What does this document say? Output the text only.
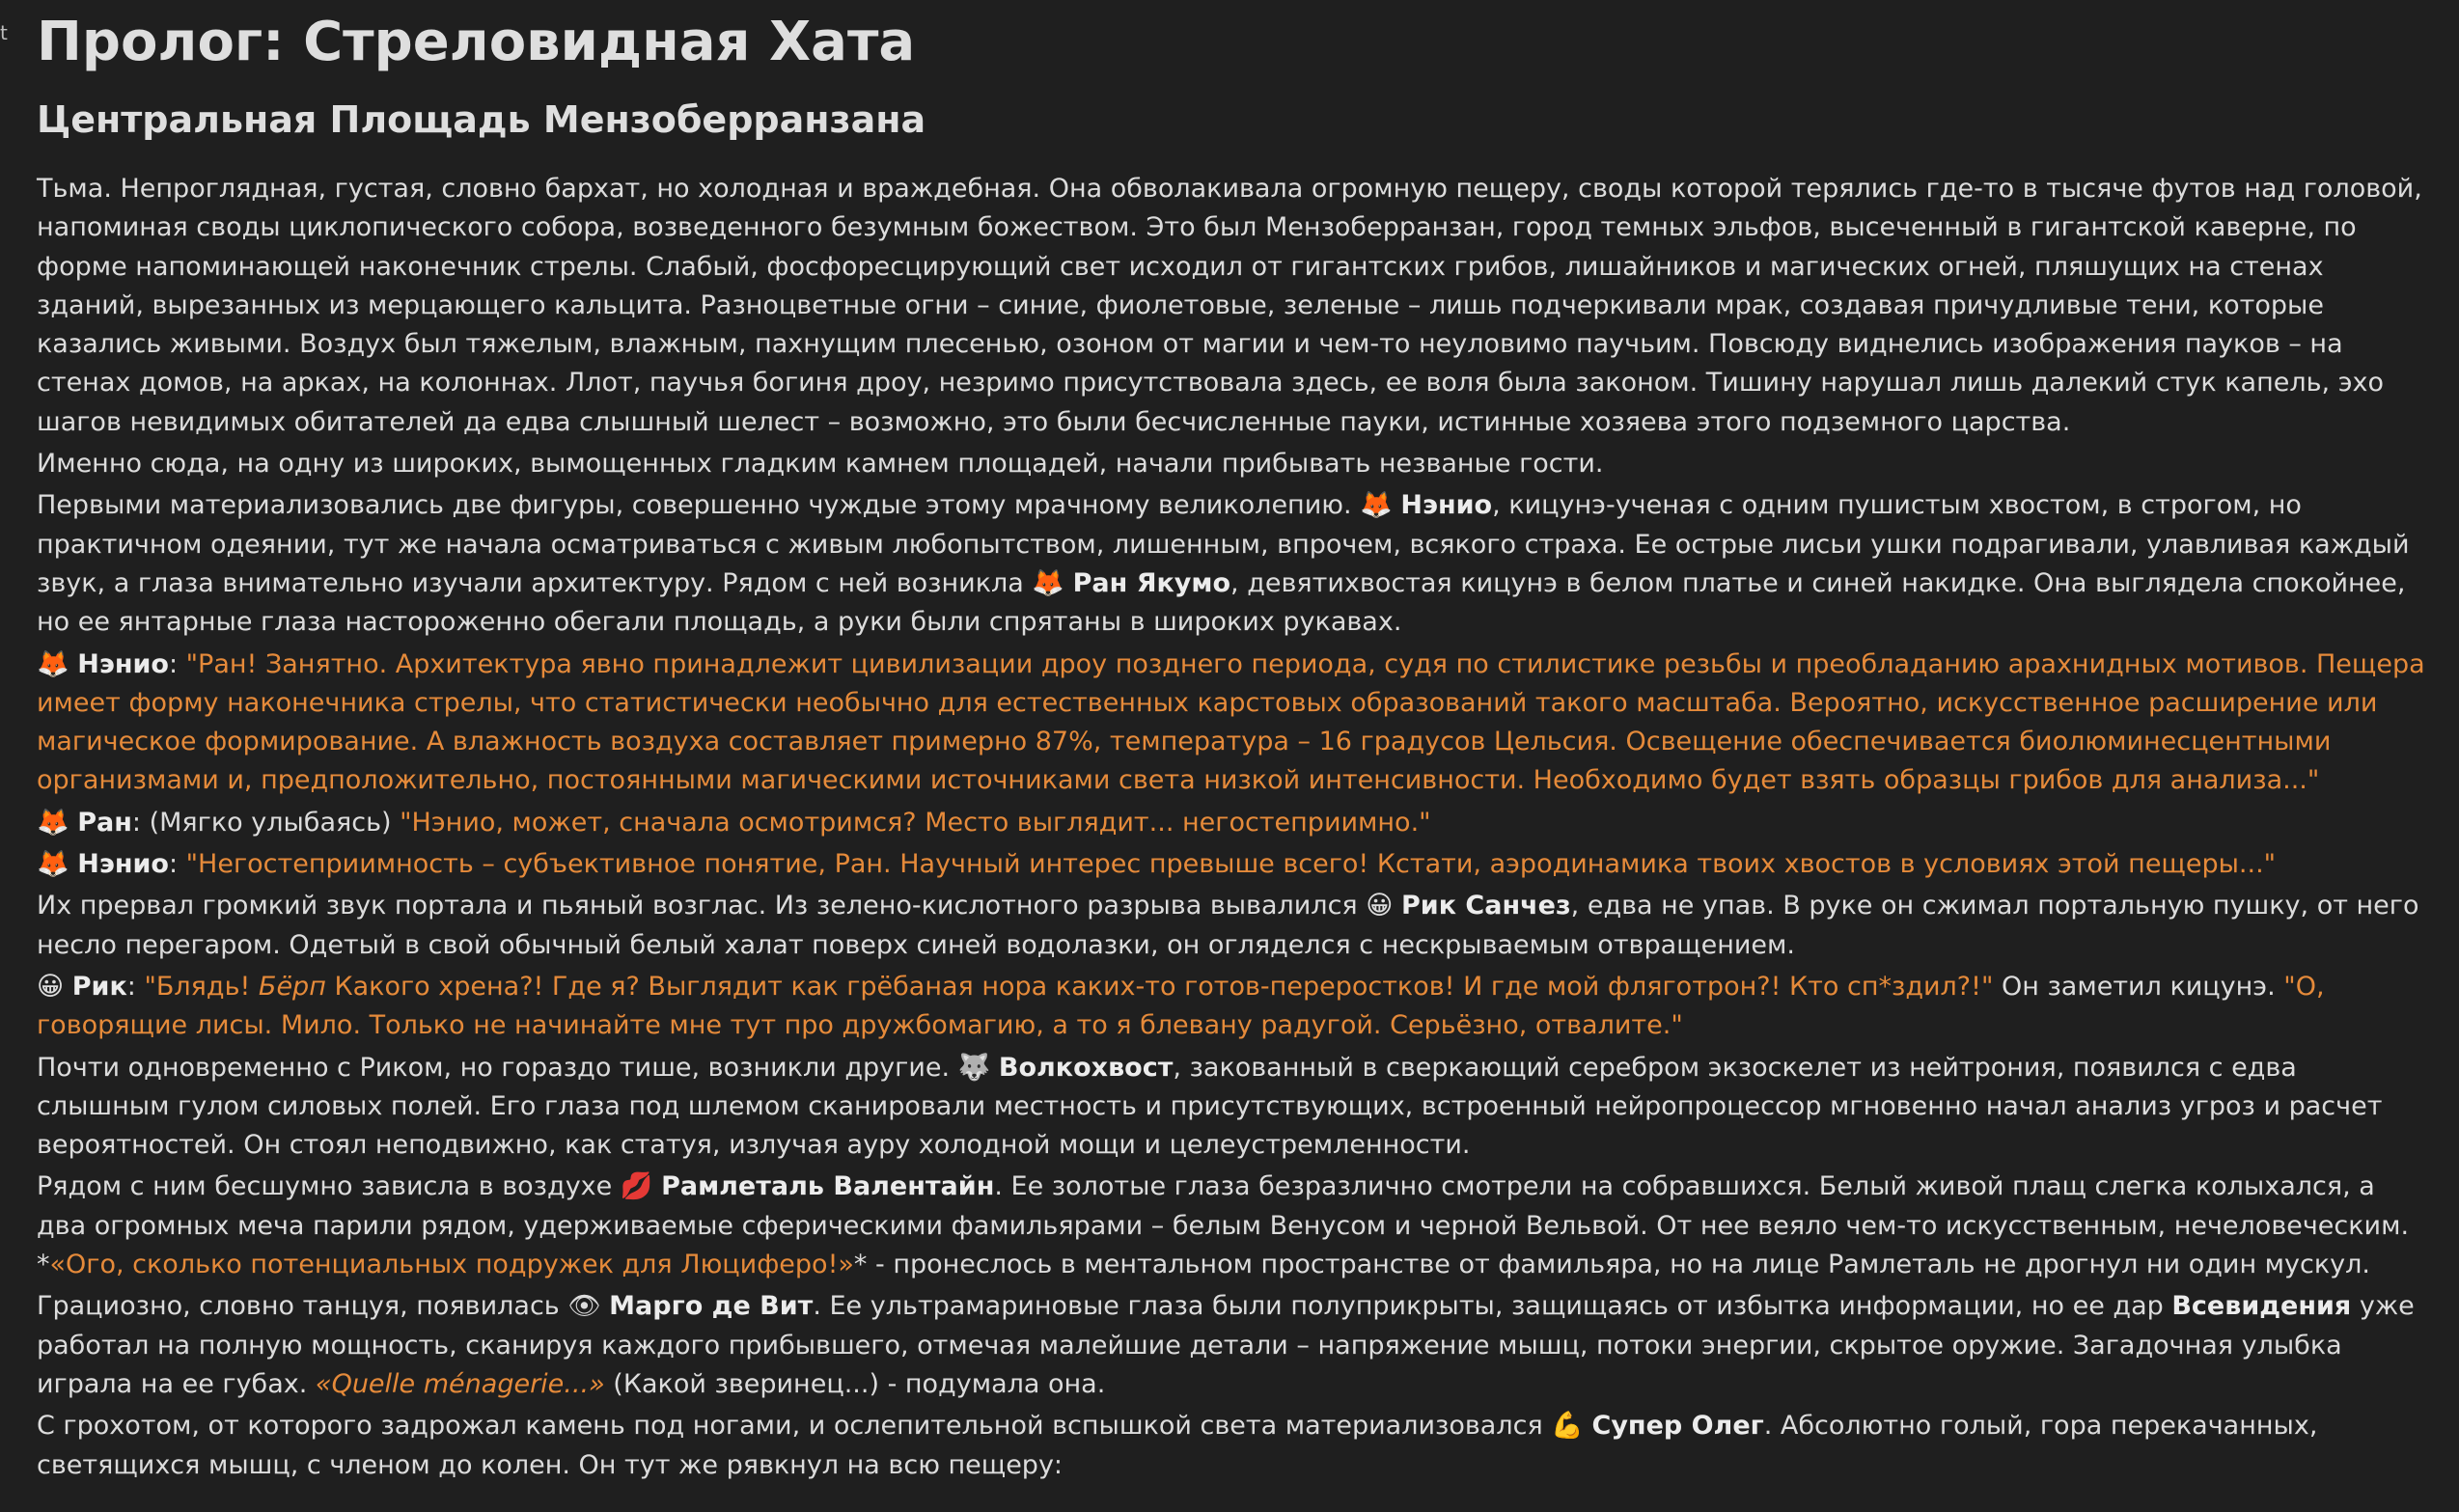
t Пролог: Стреловидная Хата
Центральная Площадь Мензоберранзана

Тьма. Непроглядная, густая, словно бархат, но холодная и враждебная. Она обволакивала огромную пещеру, своды которой терялись где-то в тысяче футов над головой, напоминая своды циклопического собора, возведенного безумным божеством. Это был Мензоберранзан, город темных эльфов, высеченный в гигантской каверне, по форме напоминающей наконечник стрелы. Слабый, фосфоресцирующий свет исходил от гигантских грибов, лишайников и магических огней, пляшущих на стенах зданий, вырезанных из мерцающего кальцита. Разноцветные огни – синие, фиолетовые, зеленые – лишь подчеркивали мрак, создавая причудливые тени, которые казались живыми. Воздух был тяжелым, влажным, пахнущим плесенью, озоном от магии и чем-то неуловимо паучьим. Повсюду виднелись изображения пауков – на стенах домов, на арках, на колоннах. Ллот, паучья богиня дроу, незримо присутствовала здесь, ее воля была законом. Тишину нарушал лишь далекий стук капель, эхо шагов невидимых обитателей да едва слышный шелест – возможно, это были бесчисленные пауки, истинные хозяева этого подземного царства.

Именно сюда, на одну из широких, вымощенных гладким камнем площадей, начали прибывать незваные гости.

Первыми материализовались две фигуры, совершенно чуждые этому мрачному великолепию. 🦊 Нэнио, кицунэ-ученая с одним пушистым хвостом, в строгом, но практичном одеянии, тут же начала осматриваться с живым любопытством, лишенным, впрочем, всякого страха. Ее острые лисьи ушки подрагивали, улавливая каждый звук, а глаза внимательно изучали архитектуру. Рядом с ней возникла 🦊 Ран Якумо, девятихвостая кицунэ в белом платье и синей накидке. Она выглядела спокойнее, но ее янтарные глаза настороженно обегали площадь, а руки были спрятаны в широких рукавах.

🦊 Нэнио: "Ран! Занятно. Архитектура явно принадлежит цивилизации дроу позднего периода, судя по стилистике резьбы и преобладанию арахнидных мотивов. Пещера имеет форму наконечника стрелы, что статистически необычно для естественных карстовых образований такого масштаба. Вероятно, искусственное расширение или магическое формирование. А влажность воздуха составляет примерно 87%, температура – 16 градусов Цельсия. Освещение обеспечивается биолюминесцентными организмами и, предположительно, постоянными магическими источниками света низкой интенсивности. Необходимо будет взять образцы грибов для анализа..."

🦊 Ран: (Мягко улыбаясь) "Нэнио, может, сначала осмотримся? Место выглядит... негостеприимно."

🦊 Нэнио: "Негостеприимность – субъективное понятие, Ран. Научный интерес превыше всего! Кстати, аэродинамика твоих хвостов в условиях этой пещеры..."

Их прервал громкий звук портала и пьяный возглас. Из зелено-кислотного разрыва вывалился 😀 Рик Санчез, едва не упав. В руке он сжимал портальную пушку, от него несло перегаром. Одетый в свой обычный белый халат поверх синей водолазки, он огляделся с нескрываемым отвращением.

😀 Рик: "Блядь! Бёрп Какого хрена?! Где я? Выглядит как грёбаная нора каких-то готов-переростков! И где мой фляготрон?! Кто сп*здил?!" Он заметил кицунэ. "О, говорящие лисы. Мило. Только не начинайте мне тут про дружбомагию, а то я блевану радугой. Серьёзно, отвалите."

Почти одновременно с Риком, но гораздо тише, возникли другие. 🐺 Волкохвост, закованный в сверкающий серебром экзоскелет из нейтрония, появился с едва слышным гулом силовых полей. Его глаза под шлемом сканировали местность и присутствующих, встроенный нейропроцессор мгновенно начал анализ угроз и расчет вероятностей. Он стоял неподвижно, как статуя, излучая ауру холодной мощи и целеустремленности.

Рядом с ним бесшумно зависла в воздухе 💋 Рамлеталь Валентайн. Ее золотые глаза безразлично смотрели на собравшихся. Белый живой плащ слегка колыхался, а два огромных меча парили рядом, удерживаемые сферическими фамильярами – белым Венусом и черной Вельвой. От нее веяло чем-то искусственным, нечеловеческим. *«Ого, сколько потенциальных подружек для Люциферо!»* - пронеслось в ментальном пространстве от фамильяра, но на лице Рамлеталь не дрогнул ни один мускул.

Грациозно, словно танцуя, появилась 👁 Марго де Вит. Ее ультрамариновые глаза были полуприкрыты, защищаясь от избытка информации, но ее дар Всевидения уже работал на полную мощность, сканируя каждого прибывшего, отмечая малейшие детали – напряжение мышц, потоки энергии, скрытое оружие. Загадочная улыбка играла на ее губах. «Quelle ménagerie...» (Какой зверинец...) - подумала она.

С грохотом, от которого задрожал камень под ногами, и ослепительной вспышкой света материализовался 💪 Супер Олег. Абсолютно голый, гора перекачанных, светящихся мышц, с членом до колен. Он тут же рявкнул на всю пещеру:
